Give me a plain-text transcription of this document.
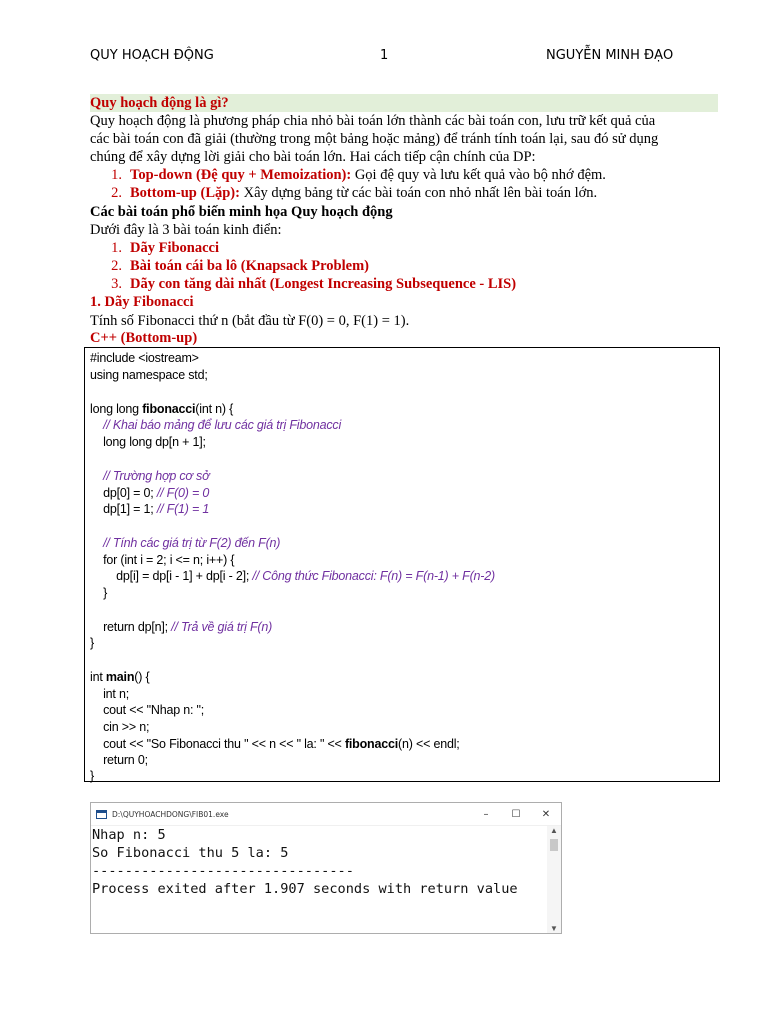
QUY HOẠCH ĐỘNG	1	NGUYỄN MINH ĐẠO
Quy hoạch động là gì?
Quy hoạch động là phương pháp chia nhỏ bài toán lớn thành các bài toán con, lưu trữ kết quả của
các bài toán con đã giải (thường trong một bảng hoặc mảng) để tránh tính toán lại, sau đó sử dụng
chúng để xây dựng lời giải cho bài toán lớn. Hai cách tiếp cận chính của DP:
1. Top-down (Đệ quy + Memoization): Gọi đệ quy và lưu kết quả vào bộ nhớ đệm.
2. Bottom-up (Lặp): Xây dựng bảng từ các bài toán con nhỏ nhất lên bài toán lớn.
Các bài toán phổ biến minh họa Quy hoạch động
Dưới đây là 3 bài toán kinh điển:
1. Dãy Fibonacci
2. Bài toán cái ba lô (Knapsack Problem)
3. Dãy con tăng dài nhất (Longest Increasing Subsequence - LIS)
1. Dãy Fibonacci
Tính số Fibonacci thứ n (bắt đầu từ F(0) = 0, F(1) = 1).
C++ (Bottom-up)
#include <iostream>
using namespace std;
long long fibonacci(int n) {
// Khai báo mảng để lưu các giá trị Fibonacci
long long dp[n + 1];
// Trường hợp cơ sở
dp[0] = 0; // F(0) = 0
dp[1] = 1; // F(1) = 1
// Tính các giá trị từ F(2) đến F(n)
for (int i = 2; i <= n; i++) {
dp[i] = dp[i - 1] + dp[i - 2]; // Công thức Fibonacci: F(n) = F(n-1) + F(n-2)
}
return dp[n]; // Trả về giá trị F(n)
}
int main() {
int n;
cout << "Nhap n: ";
cin >> n;
cout << "So Fibonacci thu " << n << " la: " << fibonacci(n) << endl;
return 0;
}
D:\QUYHOACHDONG\FIB01.exe	–	☐	✕
Nhap n: 5
So Fibonacci thu 5 la: 5
--------------------------------
Process exited after 1.907 seconds with return value
▲
▼
